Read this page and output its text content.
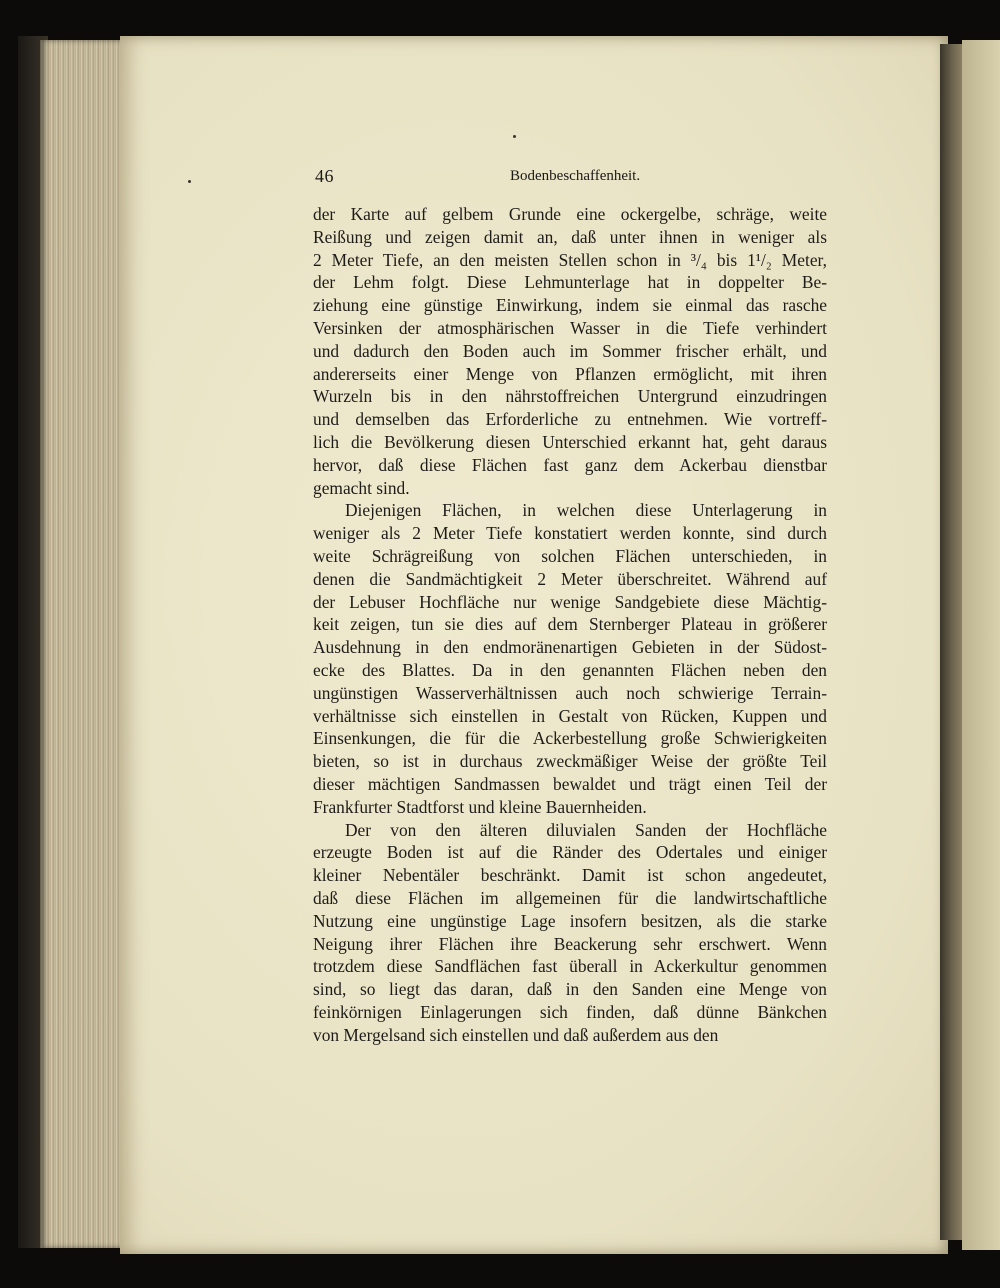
46	Bodenbeschaffenheit.
der Karte auf gelbem Grunde eine ockergelbe, schräge, weite
Reißung und zeigen damit an, daß unter ihnen in weniger als
2 Meter Tiefe, an den meisten Stellen schon in ³/₄ bis 1¹/₂ Meter,
der Lehm folgt. Diese Lehmunterlage hat in doppelter Be-
ziehung eine günstige Einwirkung, indem sie einmal das rasche
Versinken der atmosphärischen Wasser in die Tiefe verhindert
und dadurch den Boden auch im Sommer frischer erhält, und
andererseits einer Menge von Pflanzen ermöglicht, mit ihren
Wurzeln bis in den nährstoffreichen Untergrund einzudringen
und demselben das Erforderliche zu entnehmen. Wie vortreff-
lich die Bevölkerung diesen Unterschied erkannt hat, geht daraus
hervor, daß diese Flächen fast ganz dem Ackerbau dienstbar
gemacht sind.
Diejenigen Flächen, in welchen diese Unterlagerung in
weniger als 2 Meter Tiefe konstatiert werden konnte, sind durch
weite Schrägreißung von solchen Flächen unterschieden, in
denen die Sandmächtigkeit 2 Meter überschreitet. Während auf
der Lebuser Hochfläche nur wenige Sandgebiete diese Mächtig-
keit zeigen, tun sie dies auf dem Sternberger Plateau in größerer
Ausdehnung in den endmoränenartigen Gebieten in der Südost-
ecke des Blattes. Da in den genannten Flächen neben den
ungünstigen Wasserverhältnissen auch noch schwierige Terrain-
verhältnisse sich einstellen in Gestalt von Rücken, Kuppen und
Einsenkungen, die für die Ackerbestellung große Schwierigkeiten
bieten, so ist in durchaus zweckmäßiger Weise der größte Teil
dieser mächtigen Sandmassen bewaldet und trägt einen Teil der
Frankfurter Stadtforst und kleine Bauernheiden.
Der von den älteren diluvialen Sanden der Hochfläche
erzeugte Boden ist auf die Ränder des Odertales und einiger
kleiner Nebentäler beschränkt. Damit ist schon angedeutet,
daß diese Flächen im allgemeinen für die landwirtschaftliche
Nutzung eine ungünstige Lage insofern besitzen, als die starke
Neigung ihrer Flächen ihre Beackerung sehr erschwert. Wenn
trotzdem diese Sandflächen fast überall in Ackerkultur genommen
sind, so liegt das daran, daß in den Sanden eine Menge von
feinkörnigen Einlagerungen sich finden, daß dünne Bänkchen
von Mergelsand sich einstellen und daß außerdem aus den
